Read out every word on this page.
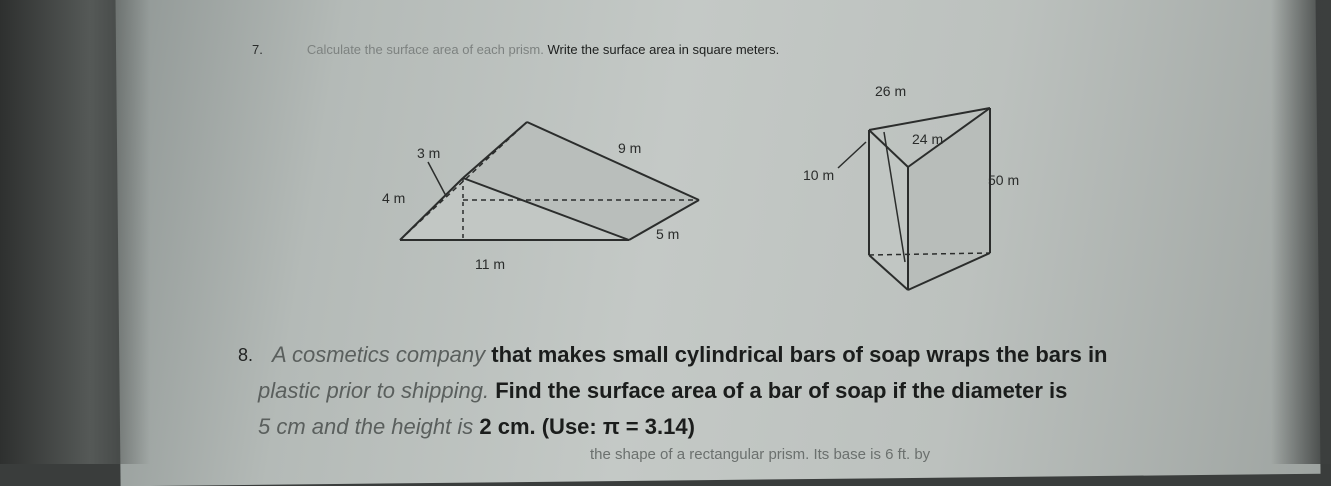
7.	Calculate the surface area of each prism. Write the surface area in square meters.
3 m	9 m
4 m
5 m
11 m
26 m
24 m
10 m	50 m
8. A cosmetics company that makes small cylindrical bars of soap wraps the bars in
plastic prior to shipping. Find the surface area of a bar of soap if the diameter is
5 cm and the height is 2 cm. (Use: π = 3.14)
the shape of a rectangular prism. Its base is 6 ft. by
